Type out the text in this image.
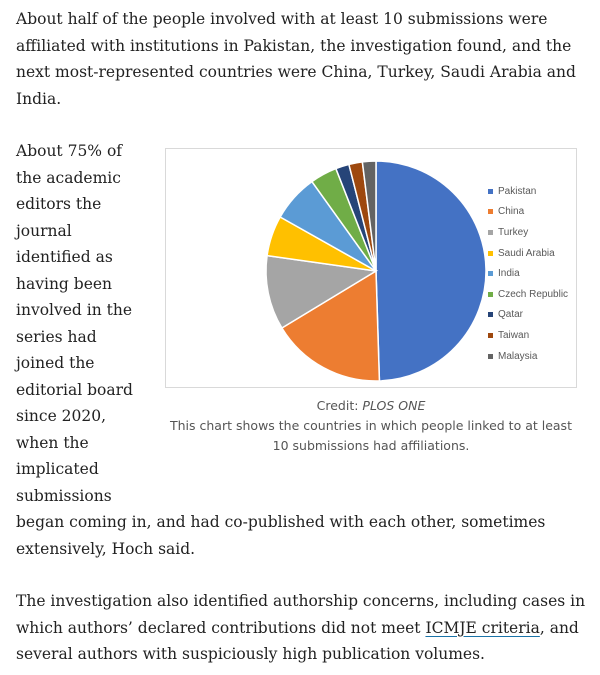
About half of the people involved with at least 10 submissions were affiliated with institutions in Pakistan, the investigation found, and the next most-represented countries were China, Turkey, Saudi Arabia and India.

About 75% of the academic editors the journal identified as having been involved in the series had joined the editorial board since 2020, when the implicated submissions

began coming in, and had co-published with each other, sometimes extensively, Hoch said.

The investigation also identified authorship concerns, including cases in which authors’ declared contributions did not meet ICMJE criteria, and several authors with suspiciously high publication volumes.

Pakistan
China
Turkey
Saudi Arabia
India
Czech Republic
Qatar
Taiwan
Malaysia
Credit: PLOS ONE
This chart shows the countries in which people linked to at least 10 submissions had affiliations.
